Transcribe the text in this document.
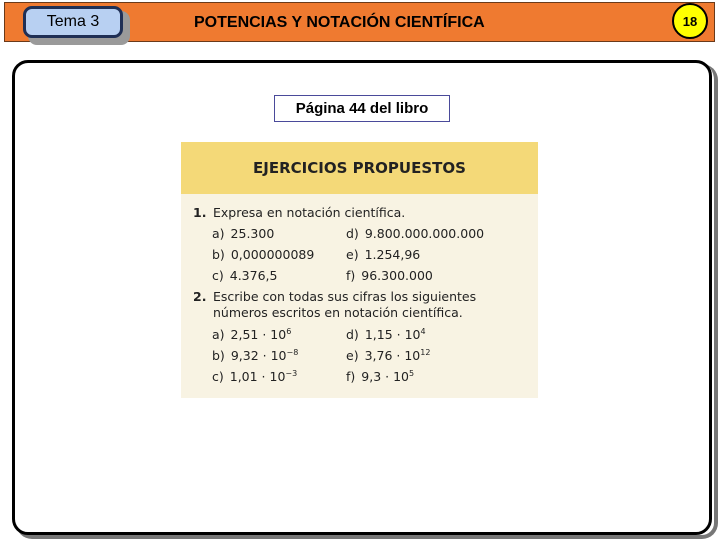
Tema 3	POTENCIAS Y NOTACIÓN CIENTÍFICA	18
Página 44 del libro
EJERCICIOS PROPUESTOS
1. Expresa en notación científica.
a) 25.300	d) 9.800.000.000.000
b) 0,000000089	e) 1.254,96
c) 4.376,5	f) 96.300.000
2. Escribe con todas sus cifras los siguientes números escritos en notación científica.
a) $2,51 \cdot 10^6$	d) $1,15 \cdot 10^4$
b) $9,32 \cdot 10^{-8}$	e) $3,76 \cdot 10^{12}$
c) $1,01 \cdot 10^{-3}$	f) $9,3 \cdot 10^5$
